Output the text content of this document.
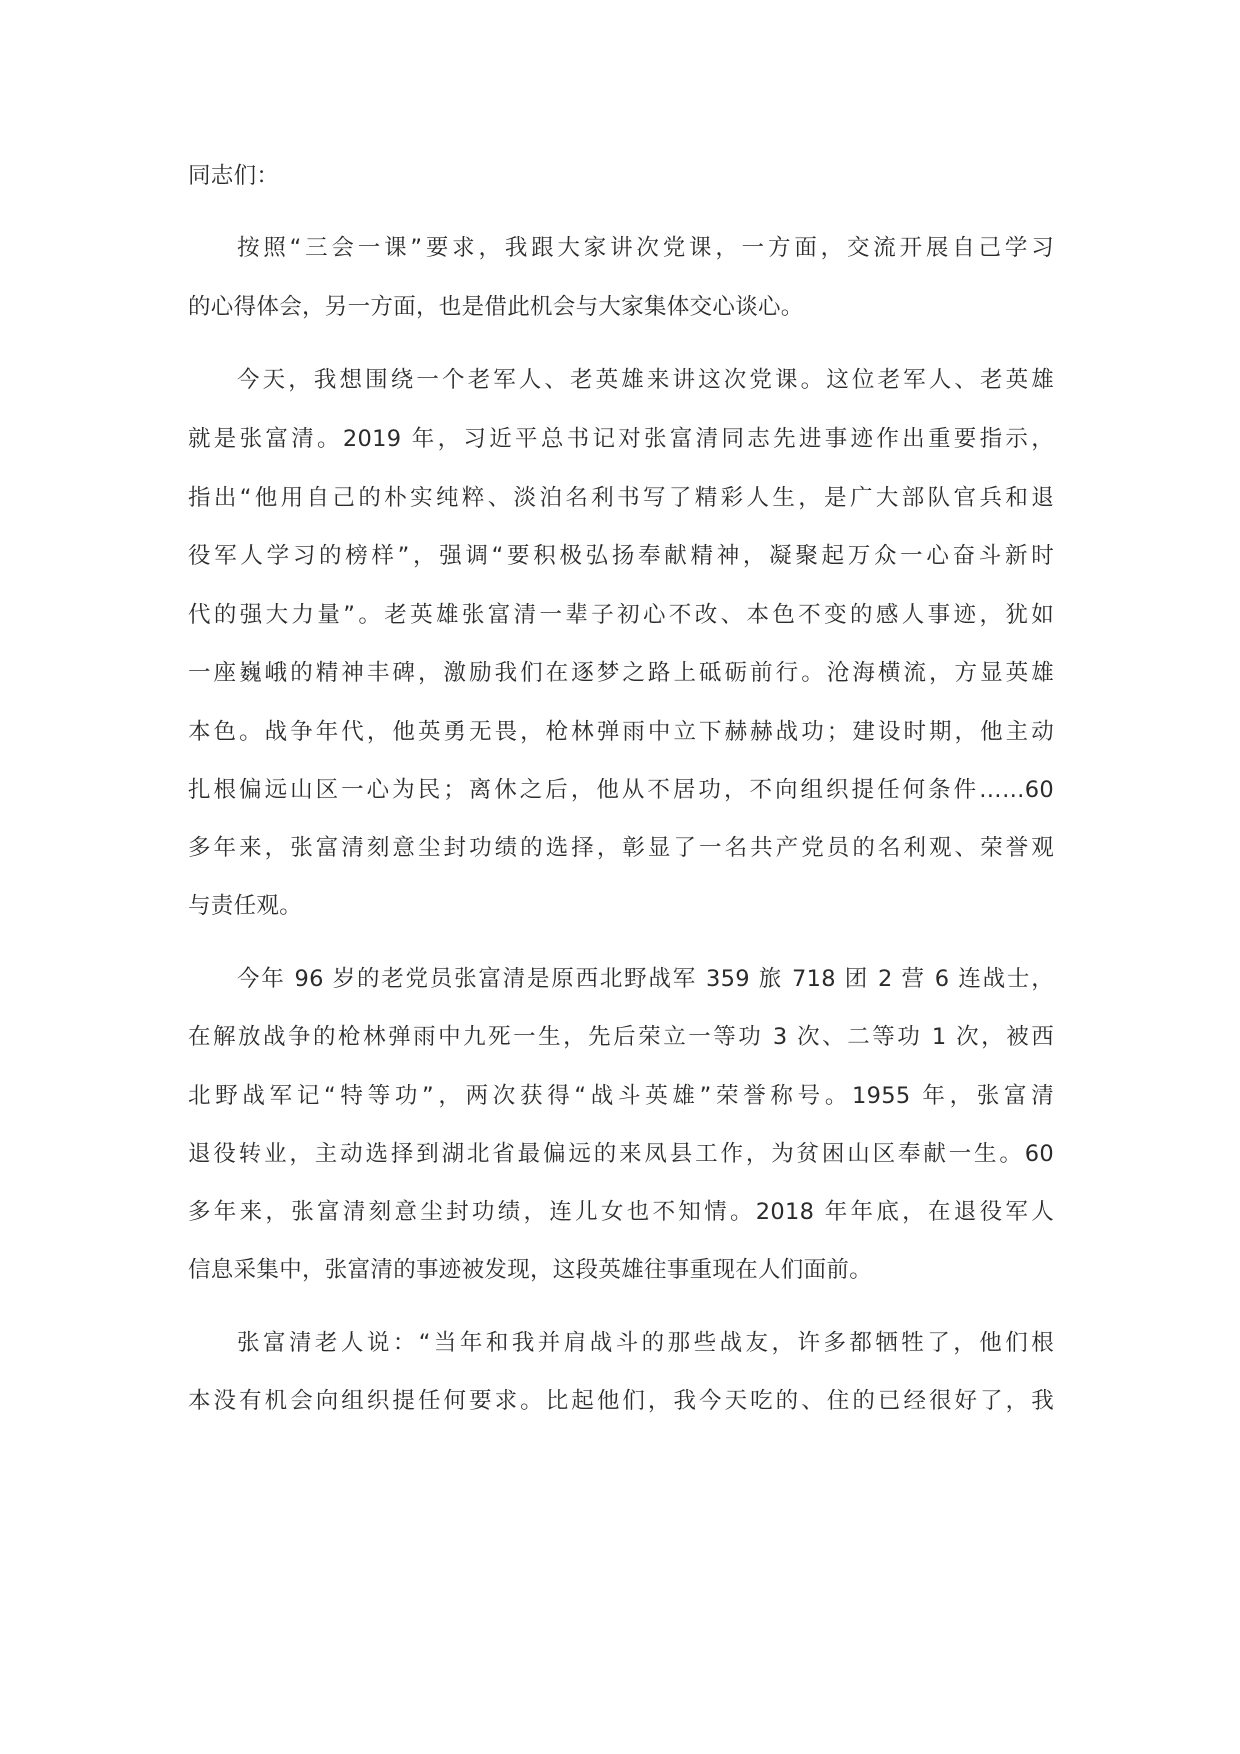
同志们：
按照“三会一课”要求，我跟大家讲次党课，一方面，交流开展自己学习
的心得体会，另一方面，也是借此机会与大家集体交心谈心。
今天，我想围绕一个老军人、老英雄来讲这次党课。这位老军人、老英雄
就是张富清。2019 年，习近平总书记对张富清同志先进事迹作出重要指示，
指出“他用自己的朴实纯粹、淡泊名利书写了精彩人生，是广大部队官兵和退
役军人学习的榜样”，强调“要积极弘扬奉献精神，凝聚起万众一心奋斗新时
代的强大力量”。老英雄张富清一辈子初心不改、本色不变的感人事迹，犹如
一座巍峨的精神丰碑，激励我们在逐梦之路上砥砺前行。沧海横流，方显英雄
本色。战争年代，他英勇无畏，枪林弹雨中立下赫赫战功；建设时期，他主动
扎根偏远山区一心为民；离休之后，他从不居功，不向组织提任何条件……60
多年来，张富清刻意尘封功绩的选择，彰显了一名共产党员的名利观、荣誉观
与责任观。
今年 96 岁的老党员张富清是原西北野战军 359 旅 718 团 2 营 6 连战士，
在解放战争的枪林弹雨中九死一生，先后荣立一等功 3 次、二等功 1 次，被西
北野战军记“特等功”，两次获得“战斗英雄”荣誉称号。1955 年，张富清
退役转业，主动选择到湖北省最偏远的来凤县工作，为贫困山区奉献一生。60
多年来，张富清刻意尘封功绩，连儿女也不知情。2018 年年底，在退役军人
信息采集中，张富清的事迹被发现，这段英雄往事重现在人们面前。
张富清老人说：“当年和我并肩战斗的那些战友，许多都牺牲了，他们根
本没有机会向组织提任何要求。比起他们，我今天吃的、住的已经很好了，我
